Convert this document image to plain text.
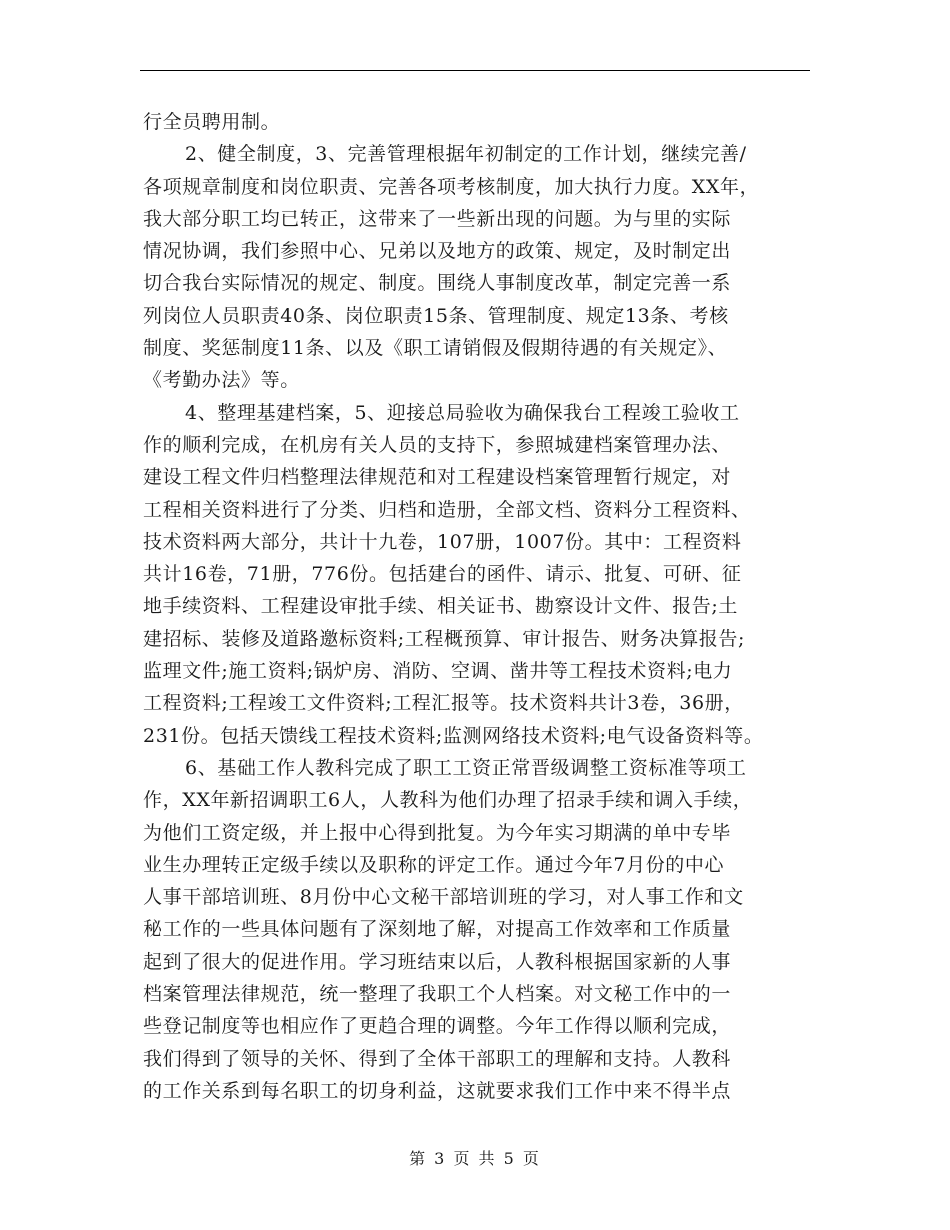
行全员聘用制。
2、健全制度，3、完善管理根据年初制定的工作计划，继续完善/
各项规章制度和岗位职责、完善各项考核制度，加大执行力度。XX年，
我大部分职工均已转正，这带来了一些新出现的问题。为与里的实际
情况协调，我们参照中心、兄弟以及地方的政策、规定，及时制定出
切合我台实际情况的规定、制度。围绕人事制度改革，制定完善一系
列岗位人员职责40条、岗位职责15条、管理制度、规定13条、考核
制度、奖惩制度11条、以及《职工请销假及假期待遇的有关规定》、
《考勤办法》等。
4、整理基建档案，5、迎接总局验收为确保我台工程竣工验收工
作的顺利完成，在机房有关人员的支持下，参照城建档案管理办法、
建设工程文件归档整理法律规范和对工程建设档案管理暂行规定，对
工程相关资料进行了分类、归档和造册，全部文档、资料分工程资料、
技术资料两大部分，共计十九卷，107册，1007份。其中：工程资料
共计16卷，71册，776份。包括建台的函件、请示、批复、可研、征
地手续资料、工程建设审批手续、相关证书、勘察设计文件、报告;土
建招标、装修及道路邀标资料;工程概预算、审计报告、财务决算报告;
监理文件;施工资料;锅炉房、消防、空调、凿井等工程技术资料;电力
工程资料;工程竣工文件资料;工程汇报等。技术资料共计3卷，36册，
231份。包括天馈线工程技术资料;监测网络技术资料;电气设备资料等。
6、基础工作人教科完成了职工工资正常晋级调整工资标准等项工
作，XX年新招调职工6人，人教科为他们办理了招录手续和调入手续，
为他们工资定级，并上报中心得到批复。为今年实习期满的单中专毕
业生办理转正定级手续以及职称的评定工作。通过今年7月份的中心
人事干部培训班、8月份中心文秘干部培训班的学习，对人事工作和文
秘工作的一些具体问题有了深刻地了解，对提高工作效率和工作质量
起到了很大的促进作用。学习班结束以后，人教科根据国家新的人事
档案管理法律规范，统一整理了我职工个人档案。对文秘工作中的一
些登记制度等也相应作了更趋合理的调整。今年工作得以顺利完成，
我们得到了领导的关怀、得到了全体干部职工的理解和支持。人教科
的工作关系到每名职工的切身利益，这就要求我们工作中来不得半点
第 3 页 共 5 页
